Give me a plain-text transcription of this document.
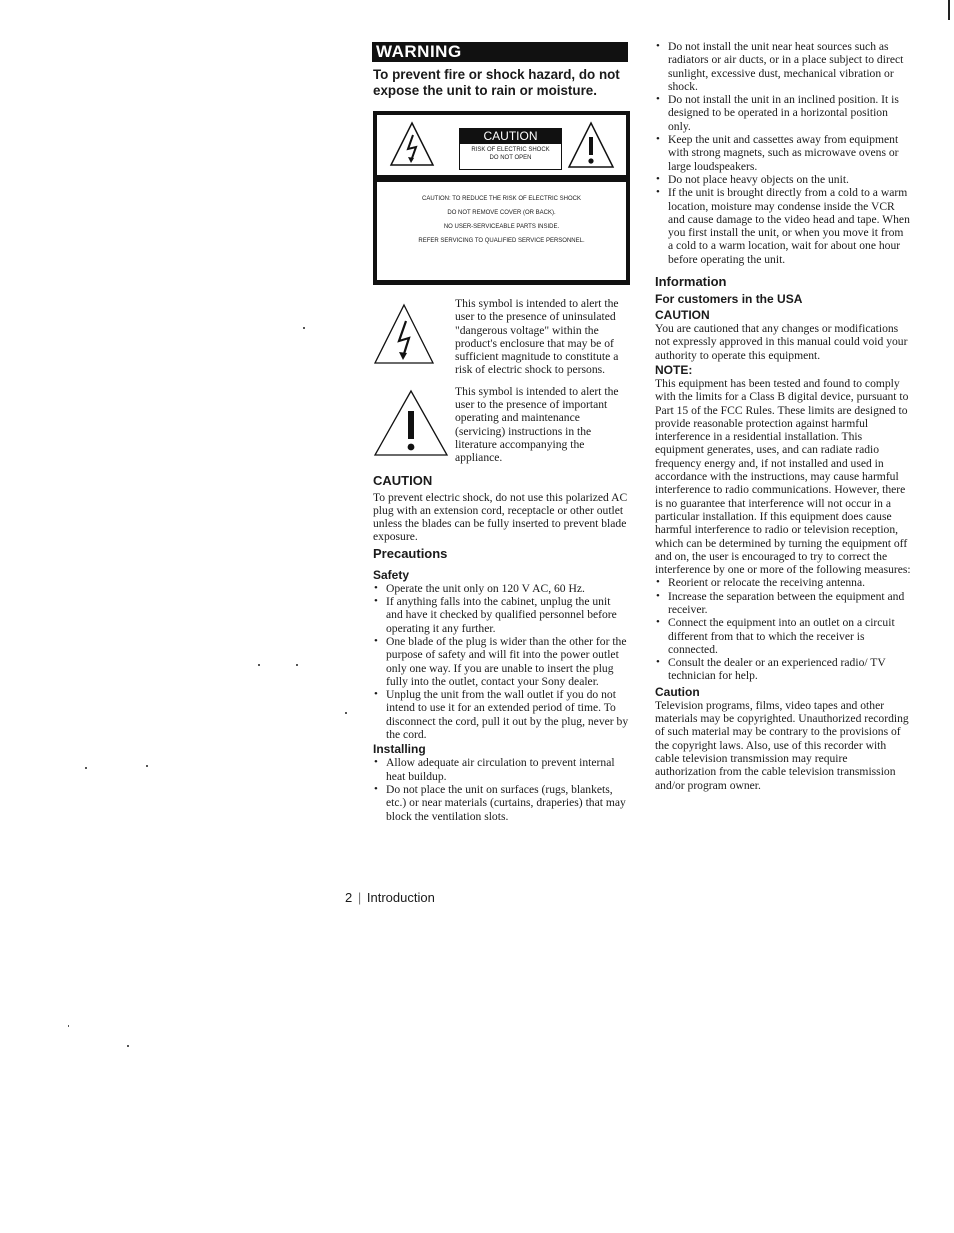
WARNING
To prevent fire or shock hazard, do not expose the unit to rain or moisture.
CAUTION
RISK OF ELECTRIC SHOCK
DO NOT OPEN
CAUTION: TO REDUCE THE RISK OF ELECTRIC SHOCK
DO NOT REMOVE COVER (OR BACK).
NO USER-SERVICEABLE PARTS INSIDE.
REFER SERVICING TO QUALIFIED SERVICE PERSONNEL.
This symbol is intended to alert the user to the presence of uninsulated "dangerous voltage" within the product's enclosure that may be of sufficient magnitude to constitute a risk of electric shock to persons.
This symbol is intended to alert the user to the presence of important operating and maintenance (servicing) instructions in the literature accompanying the appliance.
CAUTION

To prevent electric shock, do not use this polarized AC plug with an extension cord, receptacle or other outlet unless the blades can be fully inserted to prevent blade exposure.

Precautions
Safety
• Operate the unit only on 120 V AC, 60 Hz.
• If anything falls into the cabinet, unplug the unit and have it checked by qualified personnel before operating it any further.
• One blade of the plug is wider than the other for the purpose of safety and will fit into the power outlet only one way. If you are unable to insert the plug fully into the outlet, contact your Sony dealer.
• Unplug the unit from the wall outlet if you do not intend to use it for an extended period of time. To disconnect the cord, pull it out by the plug, never by the cord.
Installing
• Allow adequate air circulation to prevent internal heat buildup.
• Do not place the unit on surfaces (rugs, blankets, etc.) or near materials (curtains, draperies) that may block the ventilation slots.
• Do not install the unit near heat sources such as radiators or air ducts, or in a place subject to direct sunlight, excessive dust, mechanical vibration or shock.
• Do not install the unit in an inclined position. It is designed to be operated in a horizontal position only.
• Keep the unit and cassettes away from equipment with strong magnets, such as microwave ovens or large loudspeakers.
• Do not place heavy objects on the unit.
• If the unit is brought directly from a cold to a warm location, moisture may condense inside the VCR and cause damage to the video head and tape. When you first install the unit, or when you move it from a cold to a warm location, wait for about one hour before operating the unit.
Information
For customers in the USA
CAUTION

You are cautioned that any changes or modifications not expressly approved in this manual could void your authority to operate this equipment.

NOTE:

This equipment has been tested and found to comply with the limits for a Class B digital device, pursuant to Part 15 of the FCC Rules. These limits are designed to provide reasonable protection against harmful interference in a residential installation. This equipment generates, uses, and can radiate radio frequency energy and, if not installed and used in accordance with the instructions, may cause harmful interference to radio communications. However, there is no guarantee that interference will not occur in a particular installation. If this equipment does cause harmful interference to radio or television reception, which can be determined by turning the equipment off and on, the user is encouraged to try to correct the interference by one or more of the following measures:

• Reorient or relocate the receiving antenna.
• Increase the separation between the equipment and receiver.
• Connect the equipment into an outlet on a circuit different from that to which the receiver is connected.
• Consult the dealer or an experienced radio/ TV technician for help.
Caution

Television programs, films, video tapes and other materials may be copyrighted. Unauthorized recording of such material may be contrary to the provisions of the copyright laws. Also, use of this recorder with cable television transmission may require authorization from the cable television transmission and/or program owner.

2 | Introduction
